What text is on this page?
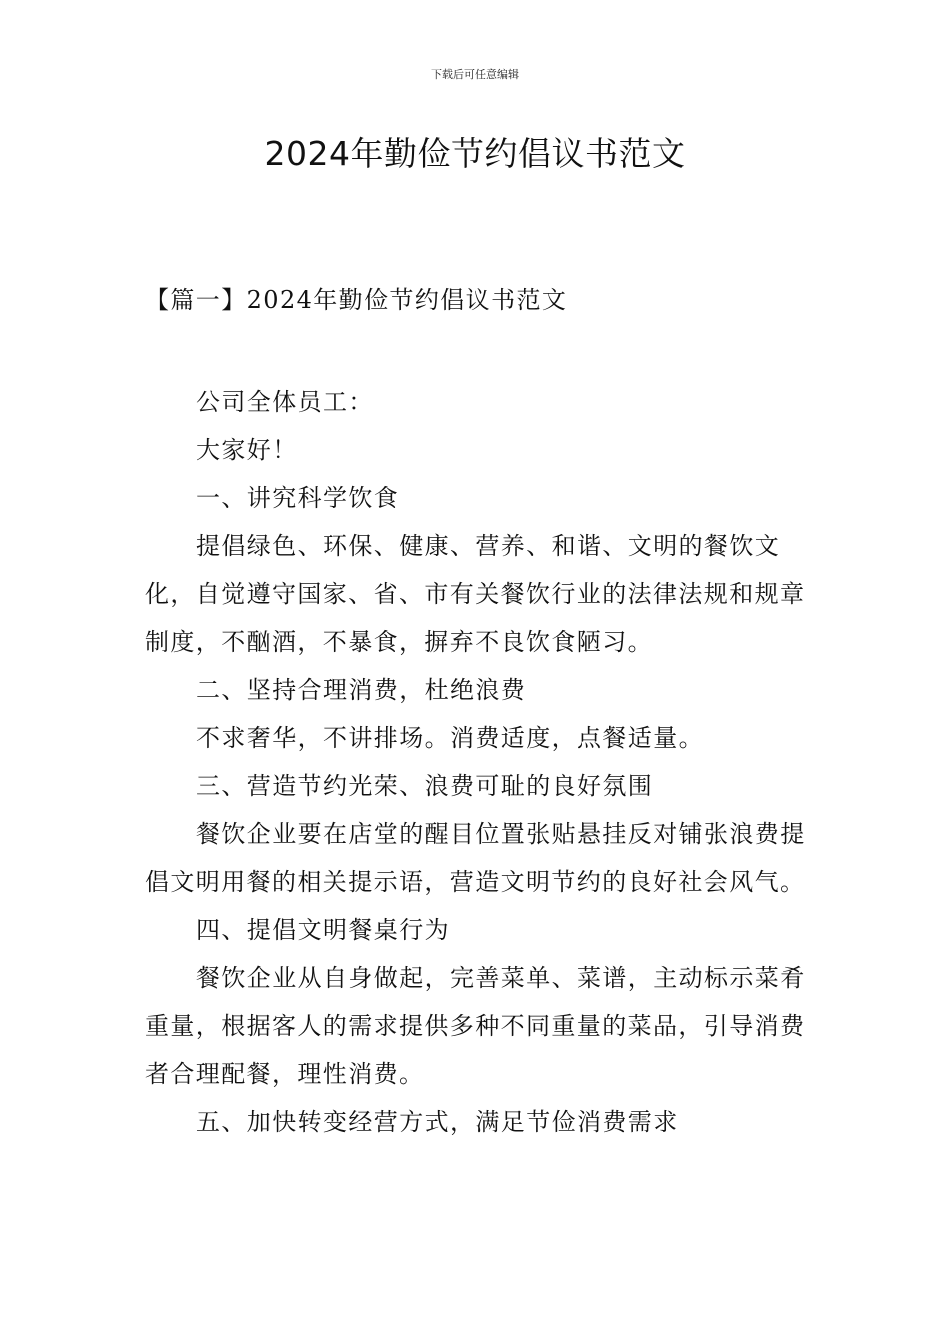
下载后可任意编辑
2024年勤俭节约倡议书范文
【篇一】2024年勤俭节约倡议书范文

公司全体员工：

大家好！

一、讲究科学饮食

提倡绿色、环保、健康、营养、和谐、文明的餐饮文化，自觉遵守国家、省、市有关餐饮行业的法律法规和规章制度，不酗酒，不暴食，摒弃不良饮食陋习。

二、坚持合理消费，杜绝浪费

不求奢华，不讲排场。消费适度，点餐适量。

三、营造节约光荣、浪费可耻的良好氛围

餐饮企业要在店堂的醒目位置张贴悬挂反对铺张浪费提倡文明用餐的相关提示语，营造文明节约的良好社会风气。

四、提倡文明餐桌行为

餐饮企业从自身做起，完善菜单、菜谱，主动标示菜肴重量，根据客人的需求提供多种不同重量的菜品，引导消费者合理配餐，理性消费。

五、加快转变经营方式，满足节俭消费需求
